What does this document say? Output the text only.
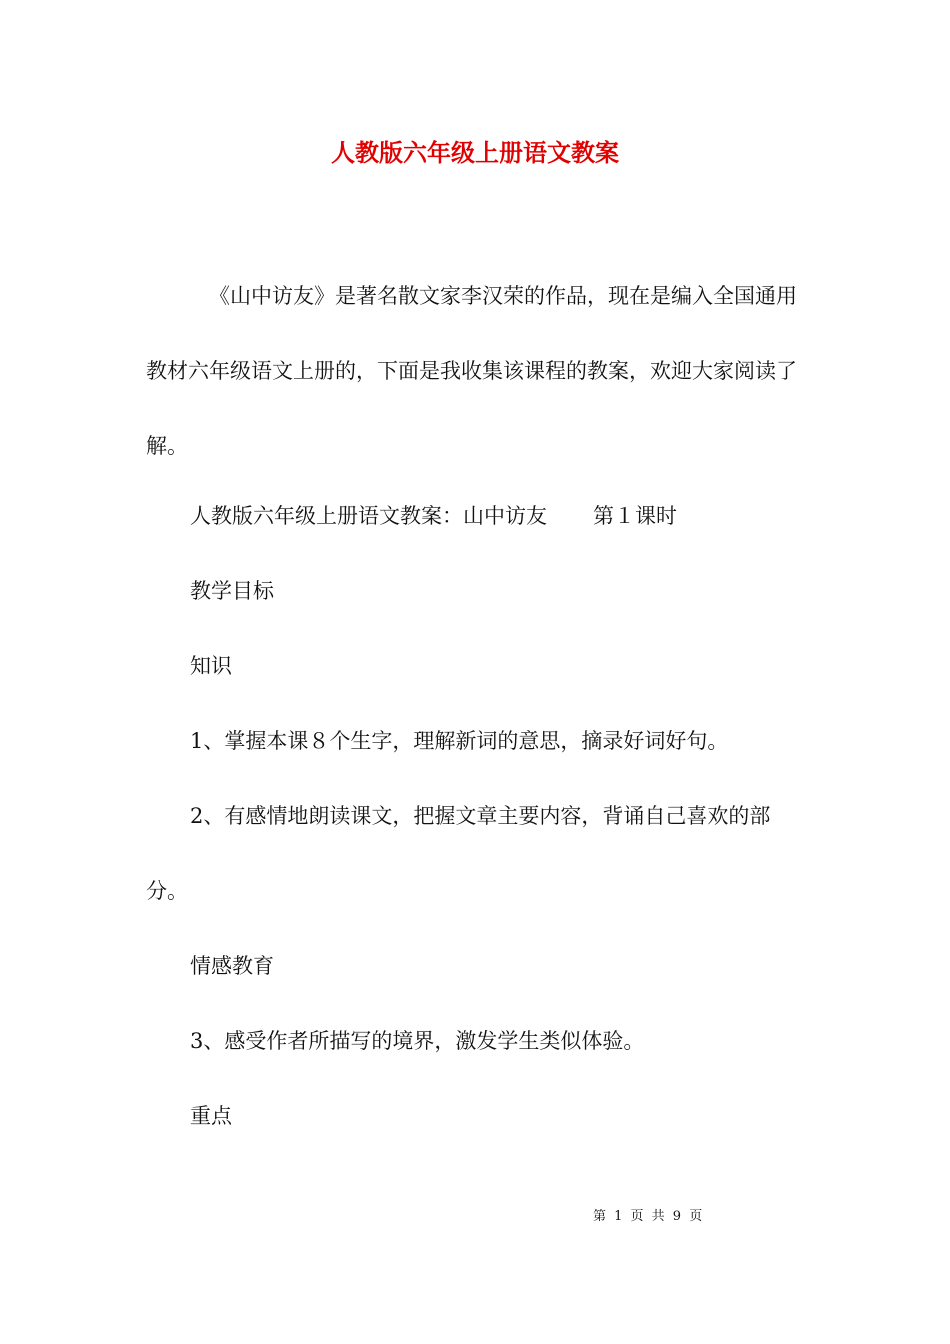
人教版六年级上册语文教案

《山中访友》是著名散文家李汉荣的作品，现在是编入全国通用教材六年级语文上册的，下面是我收集该课程的教案，欢迎大家阅读了解。

人教版六年级上册语文教案：山中访友 第１课时

教学目标

知识

1、掌握本课８个生字，理解新词的意思，摘录好词好句。

2、有感情地朗读课文，把握文章主要内容，背诵自己喜欢的部分。

情感教育

3、感受作者所描写的境界，激发学生类似体验。

重点

第 1 页 共 9 页
